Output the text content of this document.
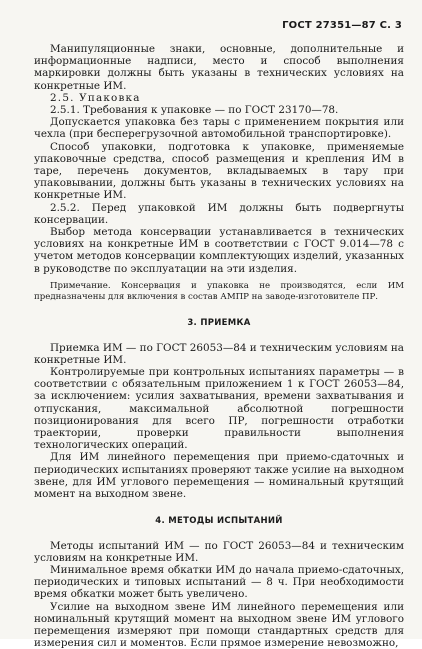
ГОСТ 27351—87 С. 3

Манипуляционные знаки, основные, дополнительные и информационные надписи, место и способ выполнения маркировки должны быть указаны в технических условиях на конкретные ИМ.

2.5. Упаковка

2.5.1. Требования к упаковке — по ГОСТ 23170—78.

Допускается упаковка без тары с применением покрытия или чехла (при бесперегрузочной автомобильной транспортировке).

Способ упаковки, подготовка к упаковке, применяемые упаковочные средства, способ размещения и крепления ИМ в таре, перечень документов, вкладываемых в тару при упаковывании, должны быть указаны в технических условиях на конкретные ИМ.

2.5.2. Перед упаковкой ИМ должны быть подвергнуты консервации.

Выбор метода консервации устанавливается в технических условиях на конкретные ИМ в соответствии с ГОСТ 9.014—78 с учетом методов консервации комплектующих изделий, указанных в руководстве по эксплуатации на эти изделия.

Примечание. Консервация и упаковка не производятся, если ИМ предназначены для включения в состав АМПР на заводе-изготовителе ПР.

3. ПРИЕМКА

Приемка ИМ — по ГОСТ 26053—84 и техническим условиям на конкретные ИМ.

Контролируемые при контрольных испытаниях параметры — в соответствии с обязательным приложением 1 к ГОСТ 26053—84, за исключением: усилия захватывания, времени захватывания и отпускания, максимальной абсолютной погрешности позиционирования для всего ПР, погрешности отработки траектории, проверки правильности выполнения технологических операций.

Для ИМ линейного перемещения при приемо-сдаточных и периодических испытаниях проверяют также усилие на выходном звене, для ИМ углового перемещения — номинальный крутящий момент на выходном звене.

4. МЕТОДЫ ИСПЫТАНИЙ

Методы испытаний ИМ — по ГОСТ 26053—84 и техническим условиям на конкретные ИМ.

Минимальное время обкатки ИМ до начала приемо-сдаточных, периодических и типовых испытаний — 8 ч. При необходимости время обкатки может быть увеличено.

Усилие на выходном звене ИМ линейного перемещения или номинальный крутящий момент на выходном звене ИМ углового перемещения измеряют при помощи стандартных средств для измерения сил и моментов. Если прямое измерение невозможно,
